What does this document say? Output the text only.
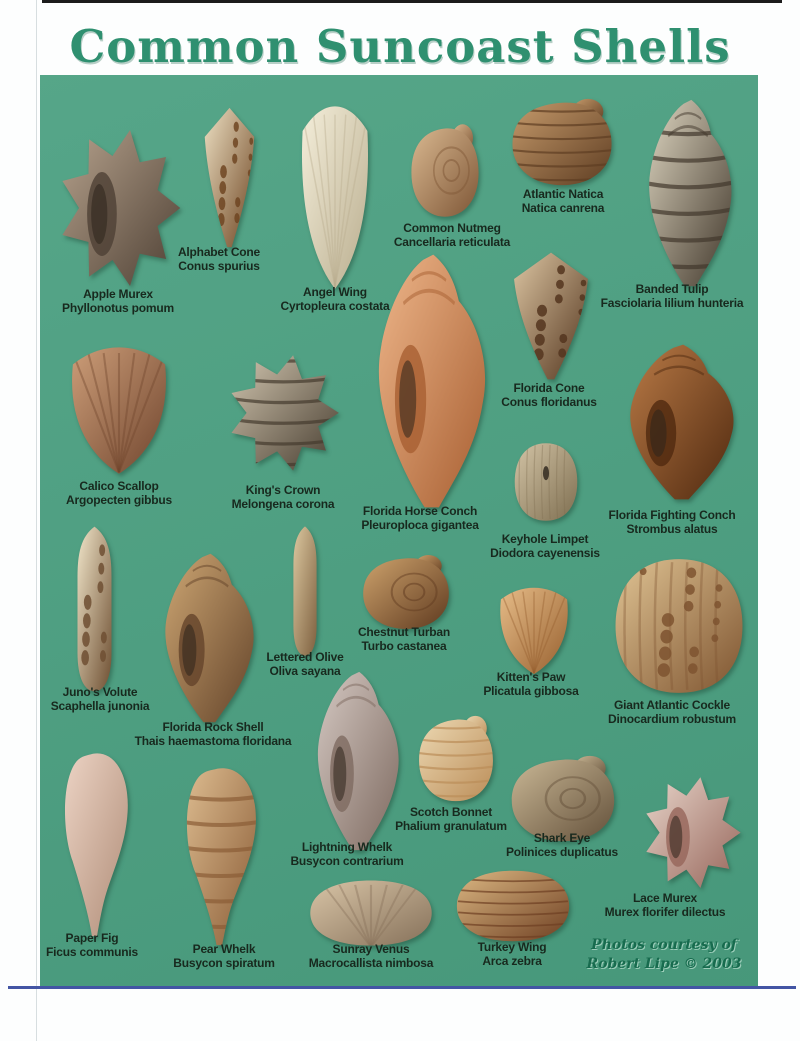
Common Suncoast Shells
Photos courtesy of
Robert Lipe © 2003
Apple Murex
Phyllonotus pomum
Alphabet Cone
Conus spurius
Angel Wing
Cyrtopleura costata
Common Nutmeg
Cancellaria reticulata
Atlantic Natica
Natica canrena
Banded Tulip
Fasciolaria lilium hunteria
Florida Cone
Conus floridanus
Calico Scallop
Argopecten gibbus
King's Crown
Melongena corona
Florida Horse Conch
Pleuroploca gigantea
Keyhole Limpet
Diodora cayenensis
Florida Fighting Conch
Strombus alatus
Juno's Volute
Scaphella junonia
Florida Rock Shell
Thais haemastoma floridana
Lettered Olive
Oliva sayana
Chestnut Turban
Turbo castanea
Kitten's Paw
Plicatula gibbosa
Giant Atlantic Cockle
Dinocardium robustum
Paper Fig
Ficus communis	Pear Whelk
Busycon spiratum
Lightning Whelk
Busycon contrarium
Scotch Bonnet
Phalium granulatum
Shark Eye
Polinices duplicatus
Lace Murex
Murex florifer dilectus
Sunray Venus
Macrocallista nimbosa
Turkey Wing
Arca zebra
